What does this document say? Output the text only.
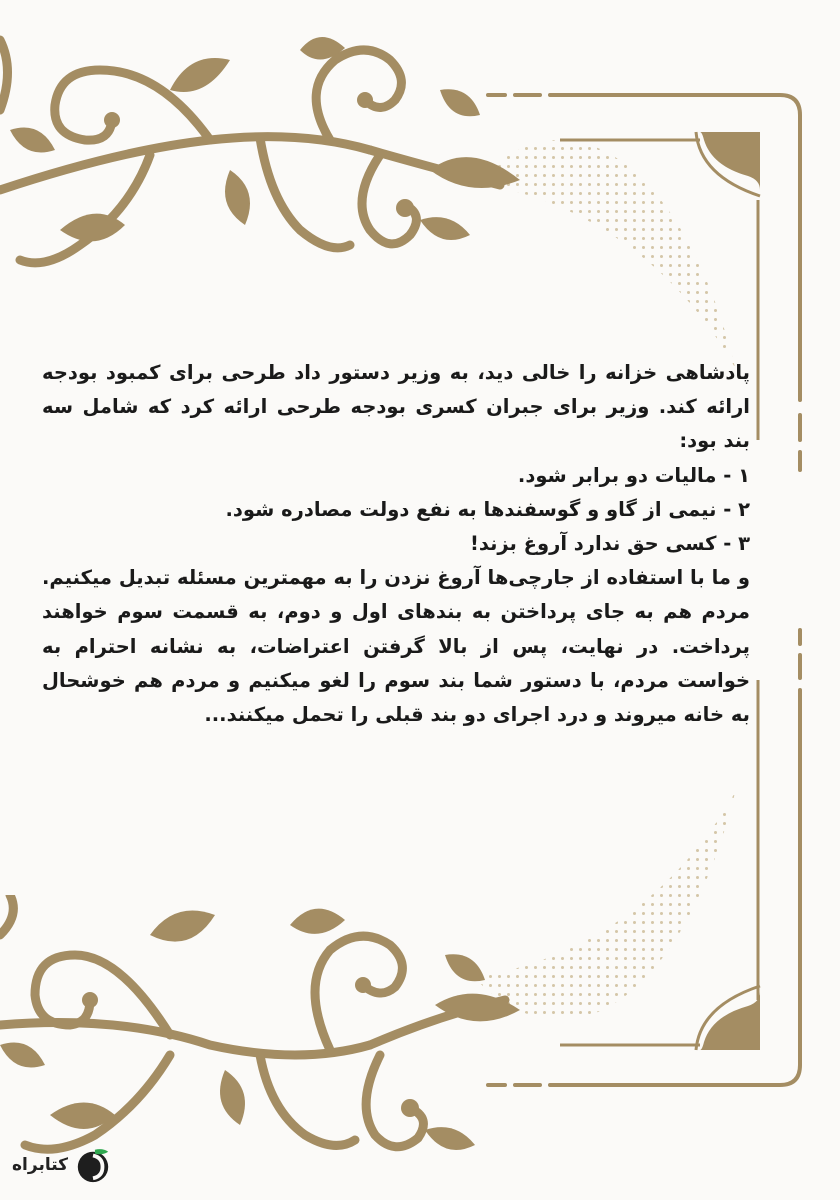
پادشاهی خزانه را خالی دید، به وزیر دستور داد طرحی برای کمبود بودجه ارائه کند. وزیر برای جبران کسری بودجه طرحی ارائه کرد که شامل سه بند بود:

۱ - مالیات دو برابر شود.

۲ - نیمی از گاو و گوسفندها به نفع دولت مصادره شود.

۳ - کسی حق ندارد آروغ بزند!

و ما با استفاده از جارچی‌ها آروغ نزدن را به مهمترین مسئله تبدیل میکنیم. مردم هم به جای پرداختن به بندهای اول و دوم، به قسمت سوم خواهند پرداخت. در نهایت، پس از بالا گرفتن اعتراضات، به نشانه احترام به خواست مردم، با دستور شما بند سوم را لغو میکنیم و مردم هم خوشحال به خانه میروند و درد اجرای دو بند قبلی را تحمل میکنند...

کتابراه
